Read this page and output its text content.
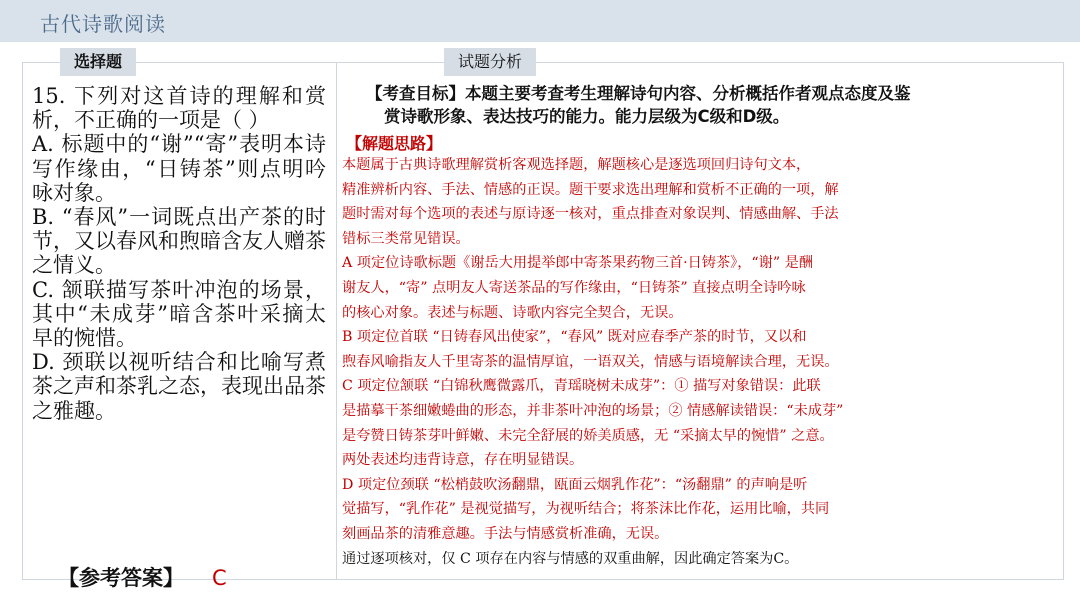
古代诗歌阅读
选择题	试题分析

15. 下列对这首诗的理解和赏析，不正确的一项是（ ）
A. 标题中的“谢”“寄”表明本诗写作缘由，“日铸茶”则点明吟咏对象。
B. “春风”一词既点出产茶的时节，又以春风和煦暗含友人赠茶之情义。
C. 颔联描写茶叶冲泡的场景，其中“未成芽”暗含茶叶采摘太早的惋惜。
D. 颈联以视听结合和比喻写煮茶之声和茶乳之态，表现出品茶之雅趣。

【参考答案】 C

【考查目标】本题主要考查考生理解诗句内容、分析概括作者观点态度及鉴
赏诗歌形象、表达技巧的能力。能力层级为C级和D级。

【解题思路】

本题属于古典诗歌理解赏析客观选择题，解题核心是逐选项回归诗句文本，
精准辨析内容、手法、情感的正误。题干要求选出理解和赏析不正确的一项，解
题时需对每个选项的表述与原诗逐一核对，重点排查对象误判、情感曲解、手法
错标三类常见错误。
A 项定位诗歌标题《谢岳大用提举郎中寄茶果药物三首·日铸茶》，“谢” 是酬
谢友人，“寄” 点明友人寄送茶品的写作缘由，“日铸茶” 直接点明全诗吟咏
的核心对象。表述与标题、诗歌内容完全契合，无误。
B 项定位首联 “日铸春风出使家”，“春风” 既对应春季产茶的时节，又以和
煦春风喻指友人千里寄茶的温情厚谊，一语双关，情感与语境解读合理，无误。
C 项定位颔联 “白锦秋鹰微露爪，青瑶晓树未成芽”：① 描写对象错误：此联
是描摹干茶细嫩蜷曲的形态，并非茶叶冲泡的场景；② 情感解读错误：“未成芽”
是夸赞日铸茶芽叶鲜嫩、未完全舒展的娇美质感，无 “采摘太早的惋惜” 之意。
两处表述均违背诗意，存在明显错误。
D 项定位颈联 “松梢鼓吹汤翻鼎，瓯面云烟乳作花”：“汤翻鼎” 的声响是听
觉描写，“乳作花” 是视觉描写，为视听结合；将茶沫比作花，运用比喻，共同
刻画品茶的清雅意趣。手法与情感赏析准确，无误。
通过逐项核对，仅 C 项存在内容与情感的双重曲解，因此确定答案为C。
